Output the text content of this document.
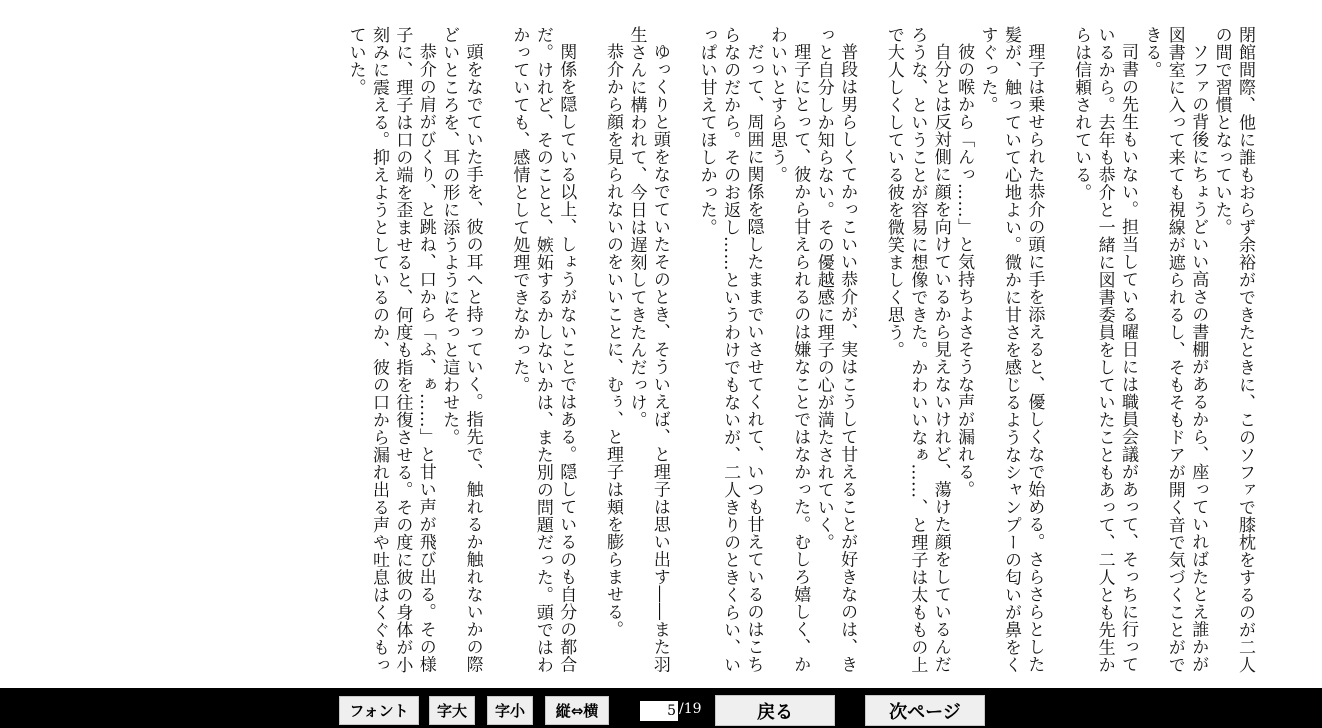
閉館間際、他に誰もおらず余裕ができたときに、このソファで膝枕をするのが二人の間で習慣となっていた。

ソファの背後にちょうどいい高さの書棚があるから、座っていればたとえ誰かが図書室に入って来ても視線が遮られるし、そもそもドアが開く音で気づくことができる。

司書の先生もいない。担当している曜日には職員会議があって、そっちに行っているから。去年も恭介と一緒に図書委員をしていたこともあって、二人とも先生からは信頼されている。

理子は乗せられた恭介の頭に手を添えると、優しくなで始める。さらさらとした髪が、触っていて心地よい。微かに甘さを感じるようなシャンプーの匂いが鼻をくすぐった。

彼の喉から「んっ……」と気持ちよさそうな声が漏れる。

自分とは反対側に顔を向けているから見えないけれど、蕩けた顔をしているんだろうな、ということが容易に想像できた。かわいいなぁ……、と理子は太ももの上で大人しくしている彼を微笑ましく思う。

普段は男らしくてかっこいい恭介が、実はこうして甘えることが好きなのは、きっと自分しか知らない。その優越感に理子の心が満たされていく。

理子にとって、彼から甘えられるのは嫌なことではなかった。むしろ嬉しく、かわいいとすら思う。

だって、周囲に関係を隠したままでいさせてくれて、いつも甘えているのはこちらなのだから。そのお返し……というわけでもないが、二人きりのときくらい、いっぱい甘えてほしかった。

ゆっくりと頭をなでていたそのとき、そういえば、と理子は思い出す――また羽生さんに構われて、今日は遅刻してきたんだっけ。

恭介から顔を見られないのをいいことに、むぅ、と理子は頬を膨らませる。

関係を隠している以上、しょうがないことではある。隠しているのも自分の都合だ。けれど、そのことと、嫉妬するかしないかは、また別の問題だった。頭ではわかっていても、感情として処理できなかった。

頭をなでていた手を、彼の耳へと持っていく。指先で、触れるか触れないかの際どいところを、耳の形に添うようにそっと這わせた。

恭介の肩がびくり、と跳ね、口から「ふ、ぁ……」と甘い声が飛び出る。その様子に、理子は口の端を歪ませると、何度も指を往復させる。その度に彼の身体が小刻みに震える。抑えようとしているのか、彼の口から漏れ出る声や吐息はくぐもっていた。

フォント	字大	字小	縦⇔横
5	/19	戻る	次ページ
